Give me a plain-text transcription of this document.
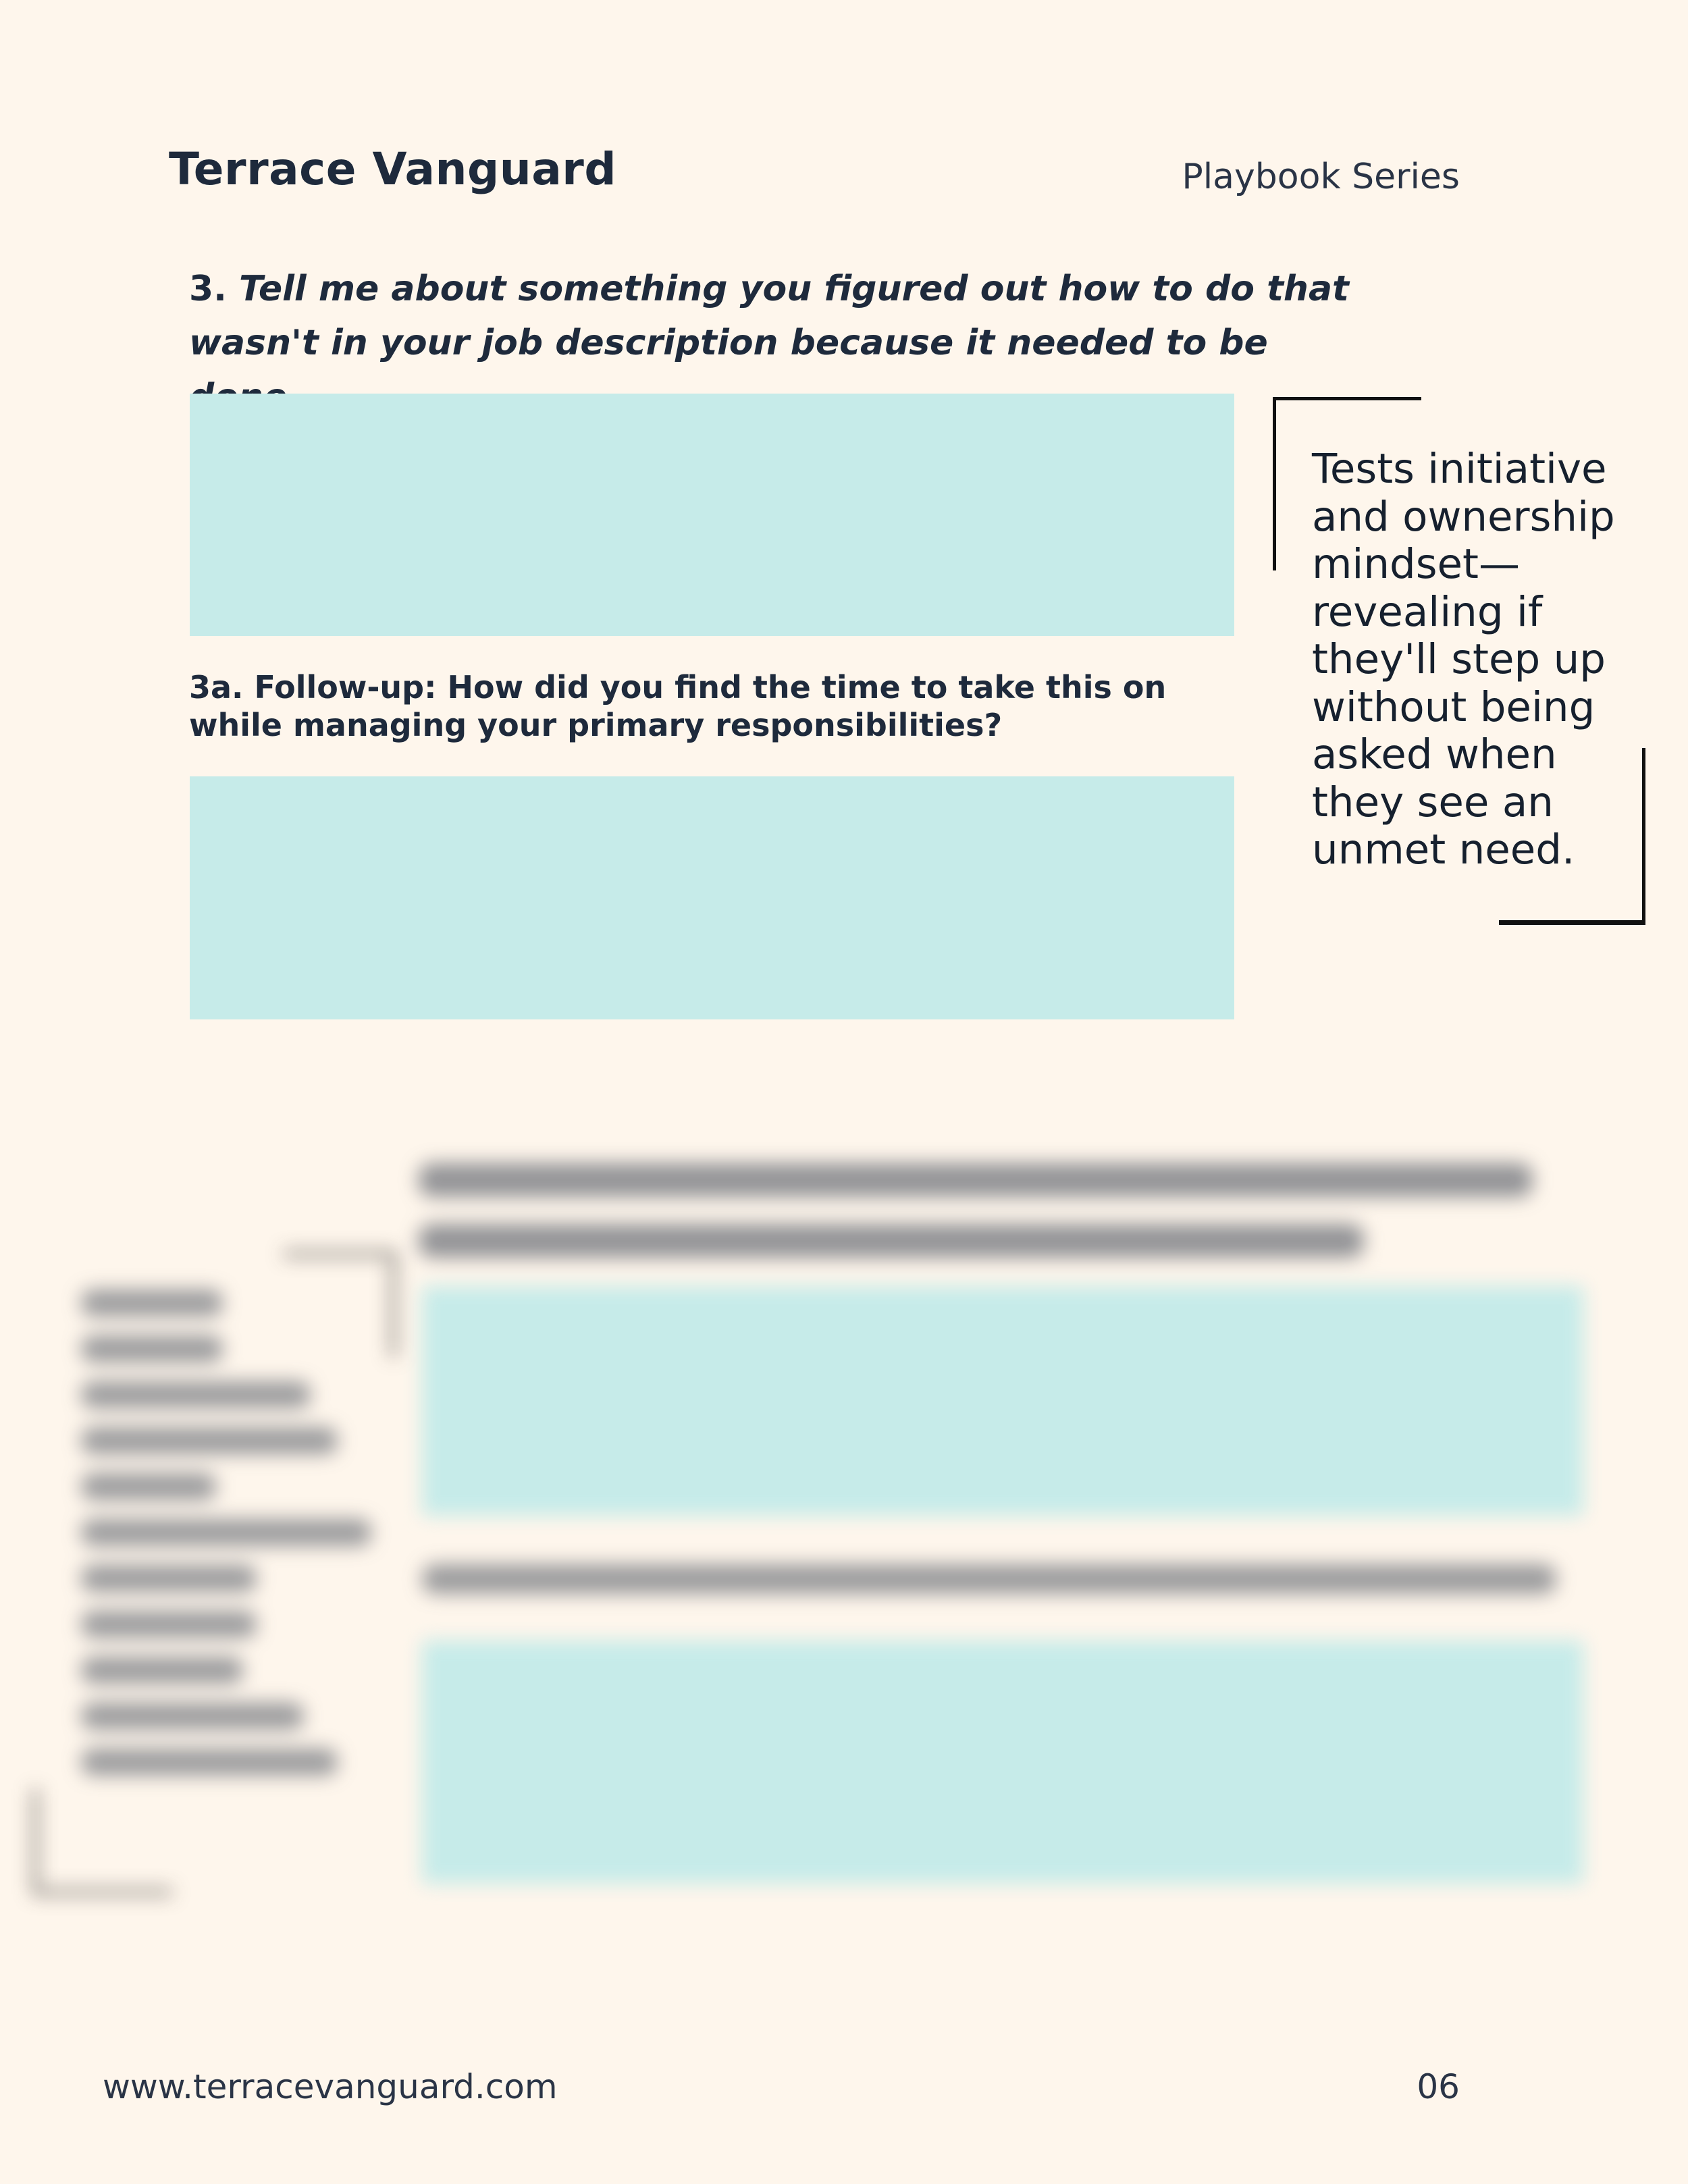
Terrace Vanguard	Playbook Series
3. Tell me about something you figured out how to do that wasn't in your job description because it needed to be
3a. Follow-up: How did you find the time to take this on while managing your primary responsibilities?
Tests initiative and ownership mindset—revealing if they'll step up without being asked when they see an unmet need.

www.terracevanguard.com	06
